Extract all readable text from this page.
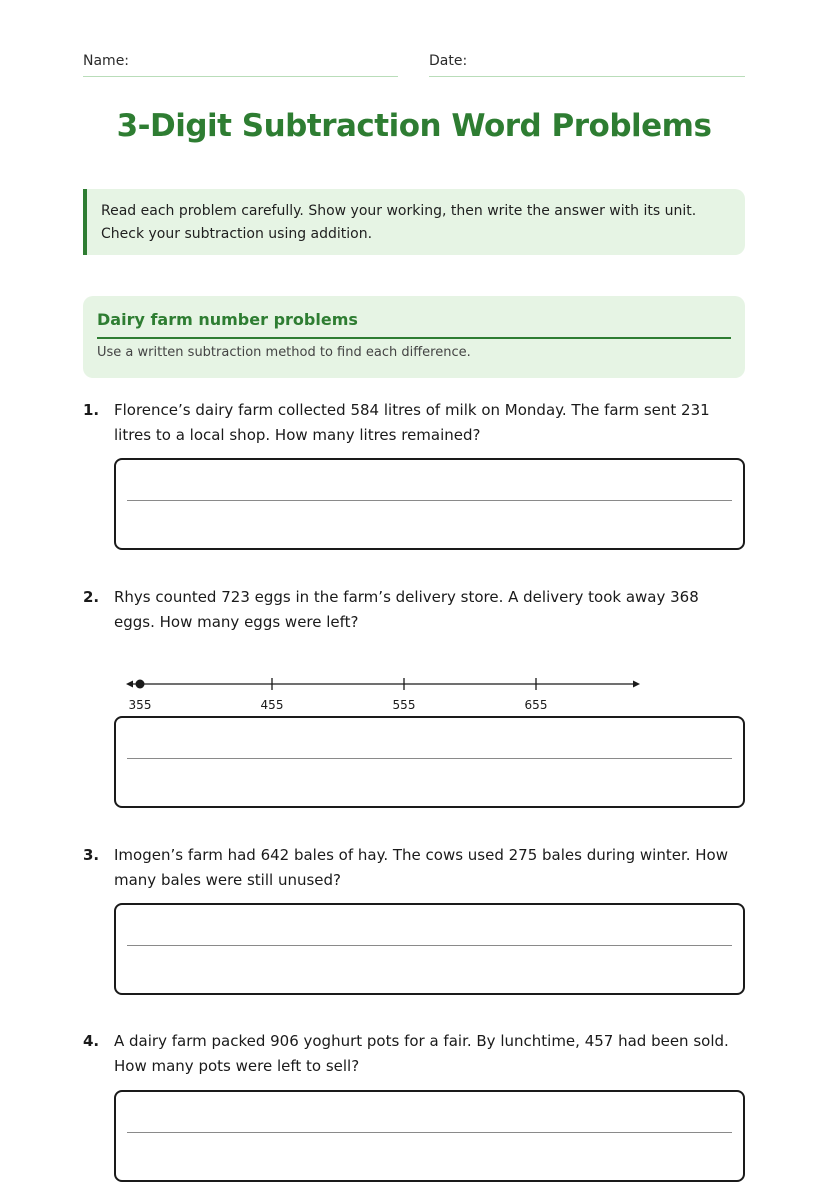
Name:	Date:
3-Digit Subtraction Word Problems

Read each problem carefully. Show your working, then write the answer with its unit.

Check your subtraction using addition.

Dairy farm number problems
Use a written subtraction method to find each difference.
1. Florence’s dairy farm collected 584 litres of milk on Monday. The farm sent 231 litres to a local shop. How many litres remained?

2. Rhys counted 723 eggs in the farm’s delivery store. A delivery took away 368 eggs. How many eggs were left?

355	455	555	655
3. Imogen’s farm had 642 bales of hay. The cows used 275 bales during winter. How many bales were still unused?

4. A dairy farm packed 906 yoghurt pots for a fair. By lunchtime, 457 had been sold. How many pots were left to sell?
